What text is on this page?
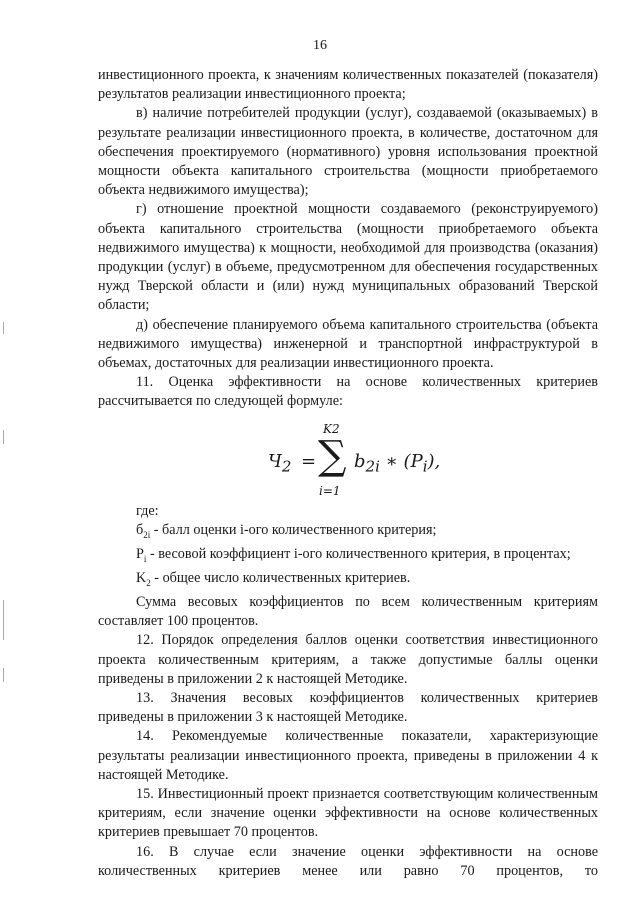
16

инвестиционного проекта, к значениям количественных показателей (показателя) результатов реализации инвестиционного проекта;

в) наличие потребителей продукции (услуг), создаваемой (оказываемых) в результате реализации инвестиционного проекта, в количестве, достаточном для обеспечения проектируемого (нормативного) уровня использования проектной мощности объекта капитального строительства (мощности приобретаемого объекта недвижимого имущества);

г) отношение проектной мощности создаваемого (реконструируемого) объекта капитального строительства (мощности приобретаемого объекта недвижимого имущества) к мощности, необходимой для производства (оказания) продукции (услуг) в объеме, предусмотренном для обеспечения государственных нужд Тверской области и (или) нужд муниципальных образований Тверской области;

д) обеспечение планируемого объема капитального строительства (объекта недвижимого имущества) инженерной и транспортной инфраструктурой в объемах, достаточных для реализации инвестиционного проекта.

11. Оценка эффективности на основе количественных критериев рассчитывается по следующей формуле:

$Ч_2$ =
K2
∑
i=1
$b_{2i}$ ∗ $(P_i)$,

где:

$б_{2i}$ - балл оценки i-ого количественного критерия;

$P_i$ - весовой коэффициент i-ого количественного критерия, в процентах;

$K_2$ - общее число количественных критериев.

Сумма весовых коэффициентов по всем количественным критериям составляет 100 процентов.

12. Порядок определения баллов оценки соответствия инвестиционного проекта количественным критериям, а также допустимые баллы оценки приведены в приложении 2 к настоящей Методике.

13. Значения весовых коэффициентов количественных критериев приведены в приложении 3 к настоящей Методике.

14. Рекомендуемые количественные показатели, характеризующие результаты реализации инвестиционного проекта, приведены в приложении 4 к настоящей Методике.

15. Инвестиционный проект признается соответствующим количественным критериям, если значение оценки эффективности на основе количественных критериев превышает 70 процентов.

16. В случае если значение оценки эффективности на основе количественных критериев менее или равно 70 процентов, то
